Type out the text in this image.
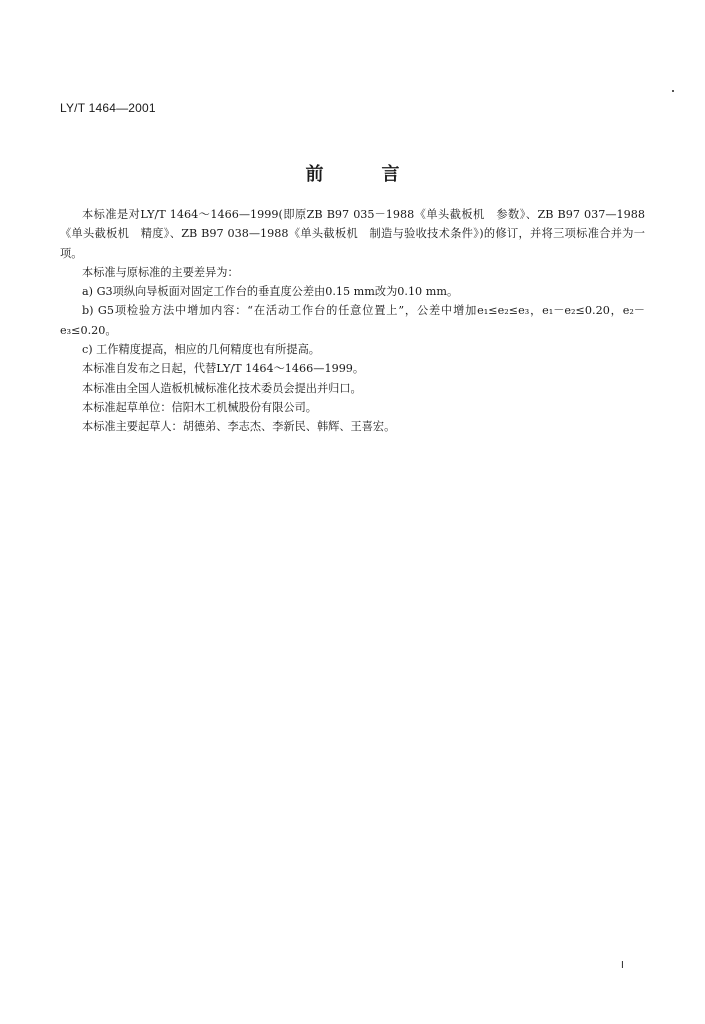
LY/T 1464—2001
前言

本标准是对LY/T 1464～1466—1999(即原ZB B97 035－1988《单头截板机　参数》、ZB B97 037—1988《单头截板机　精度》、ZB B97 038—1988《单头截板机　制造与验收技术条件》)的修订，并将三项标准合并为一项。

本标准与原标准的主要差异为：

a) G3项纵向导板面对固定工作台的垂直度公差由0.15 mm改为0.10 mm。

b) G5项检验方法中增加内容：“在活动工作台的任意位置上”，公差中增加e₁≤e₂≤e₃，e₁－e₂≤0.20，e₂－e₃≤0.20。

c) 工作精度提高，相应的几何精度也有所提高。

本标准自发布之日起，代替LY/T 1464～1466—1999。

本标准由全国人造板机械标准化技术委员会提出并归口。

本标准起草单位：信阳木工机械股份有限公司。

本标准主要起草人：胡德弟、李志杰、李新民、韩辉、王喜宏。

I
